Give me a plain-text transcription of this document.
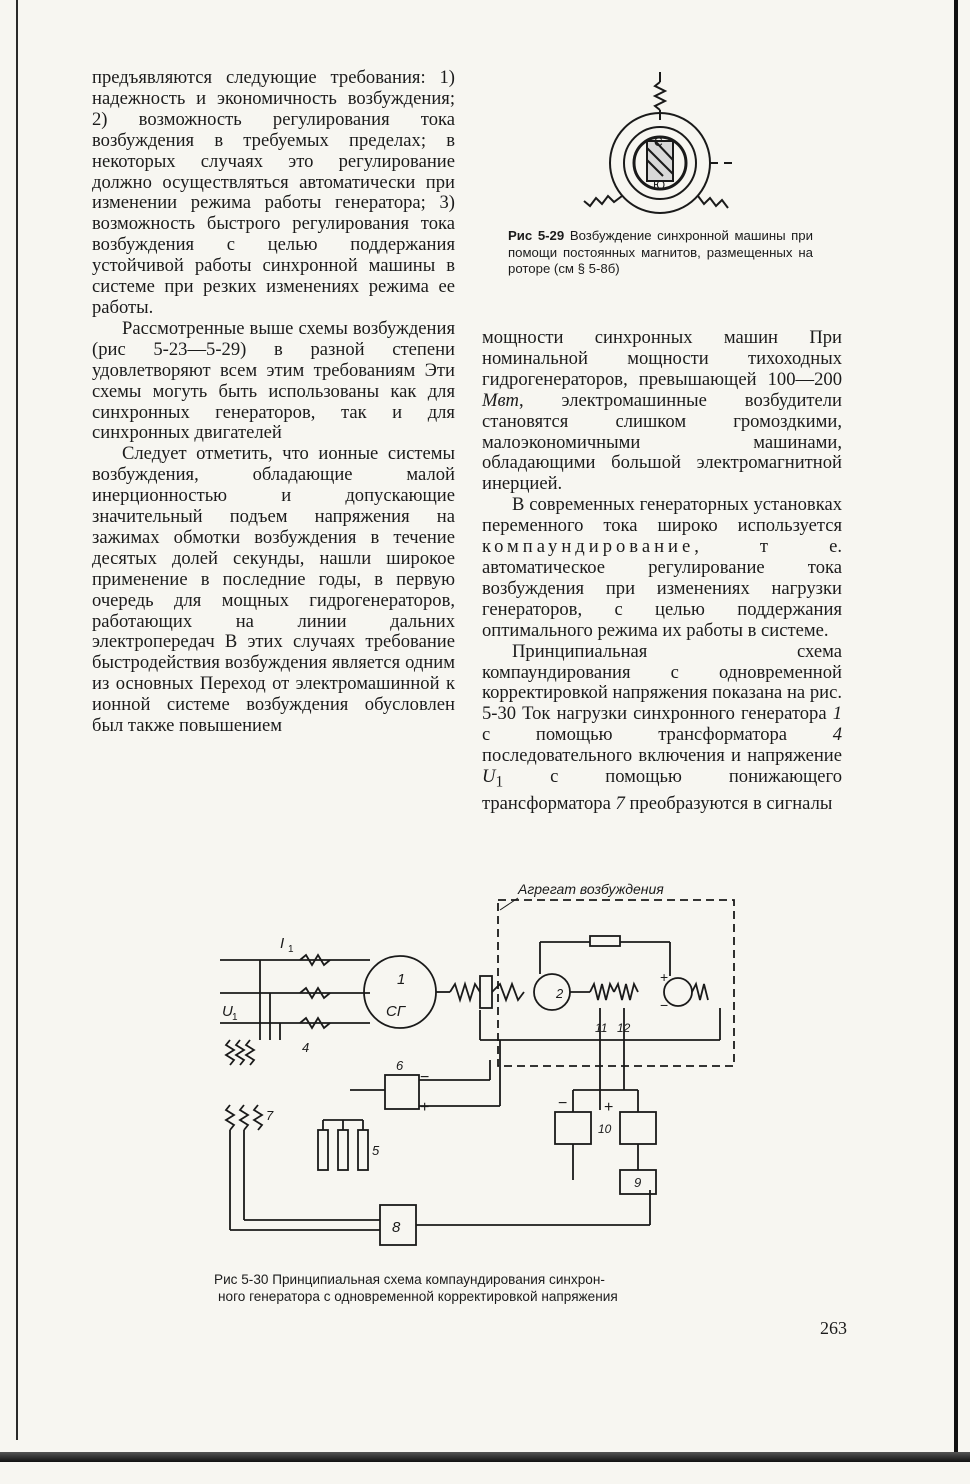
предъявляются следующие требования: 1) надежность и экономичность возбуждения; 2) возможность регулирования тока возбуждения в требуемых пределах; в некоторых случаях это регулирование должно осуществляться автоматически при изменении режима работы генератора; 3) возможность быстрого регулирования тока возбуждения с целью поддержания устойчивой работы синхронной машины в системе при резких изменениях режима ее работы.

Рассмотренные выше схемы возбуждения (рис 5-23—5-29) в разной степени удовлетворяют всем этим требованиям Эти схемы могуть быть использованы как для синхронных генераторов, так и для синхронных двигателей

Следует отметить, что ионные системы возбуждения, обладающие малой инерционностью и допускающие значительный подъем напряжения на зажимах обмотки возбуждения в течение десятых долей секунды, нашли широкое применение в последние годы, в первую очередь для мощных гидрогенераторов, работающих на линии дальних электропередач В этих случаях требование быстродействия возбуждения является одним из основных Переход от электромашинной к ионной системе возбуждения обусловлен был также повышением

С
Ю
Рис 5-29 Возбуждение синхронной машины при помощи постоянных магнитов, размещенных на роторе (см § 5-8б)

мощности синхронных машин При номинальной мощности тихоходных гидрогенераторов, превышающей 100—200 Мвт, электромашинные возбудители становятся слишком громоздкими, малоэкономичными машинами, обладающими большой электромагнитной инерцией.

В современных генераторных установках переменного тока широко используется компаундирование, т е. автоматическое регулирование тока возбуждения при изменениях нагрузки генераторов, с целью поддержания оптимального режима их работы в системе.

Принципиальная схема компаундирования с одновременной корректировкой напряжения показана на рис. 5-30 Ток нагрузки синхронного генератора 1 с помощью трансформатора 4 последовательного включения и напряжение $U_1$	с помощью понижающего трансформатора 7 преобразуются в сигналы

Агрегат возбуждения
I 1
U 1
1
СГ
2
4
6
5
7
8
9
10
11 12
+
−
+
−
+
−
Рис 5-30 Принципиальная схема компаундирования синхрон-
ного генератора с одновременной корректировкой напряжения
263
